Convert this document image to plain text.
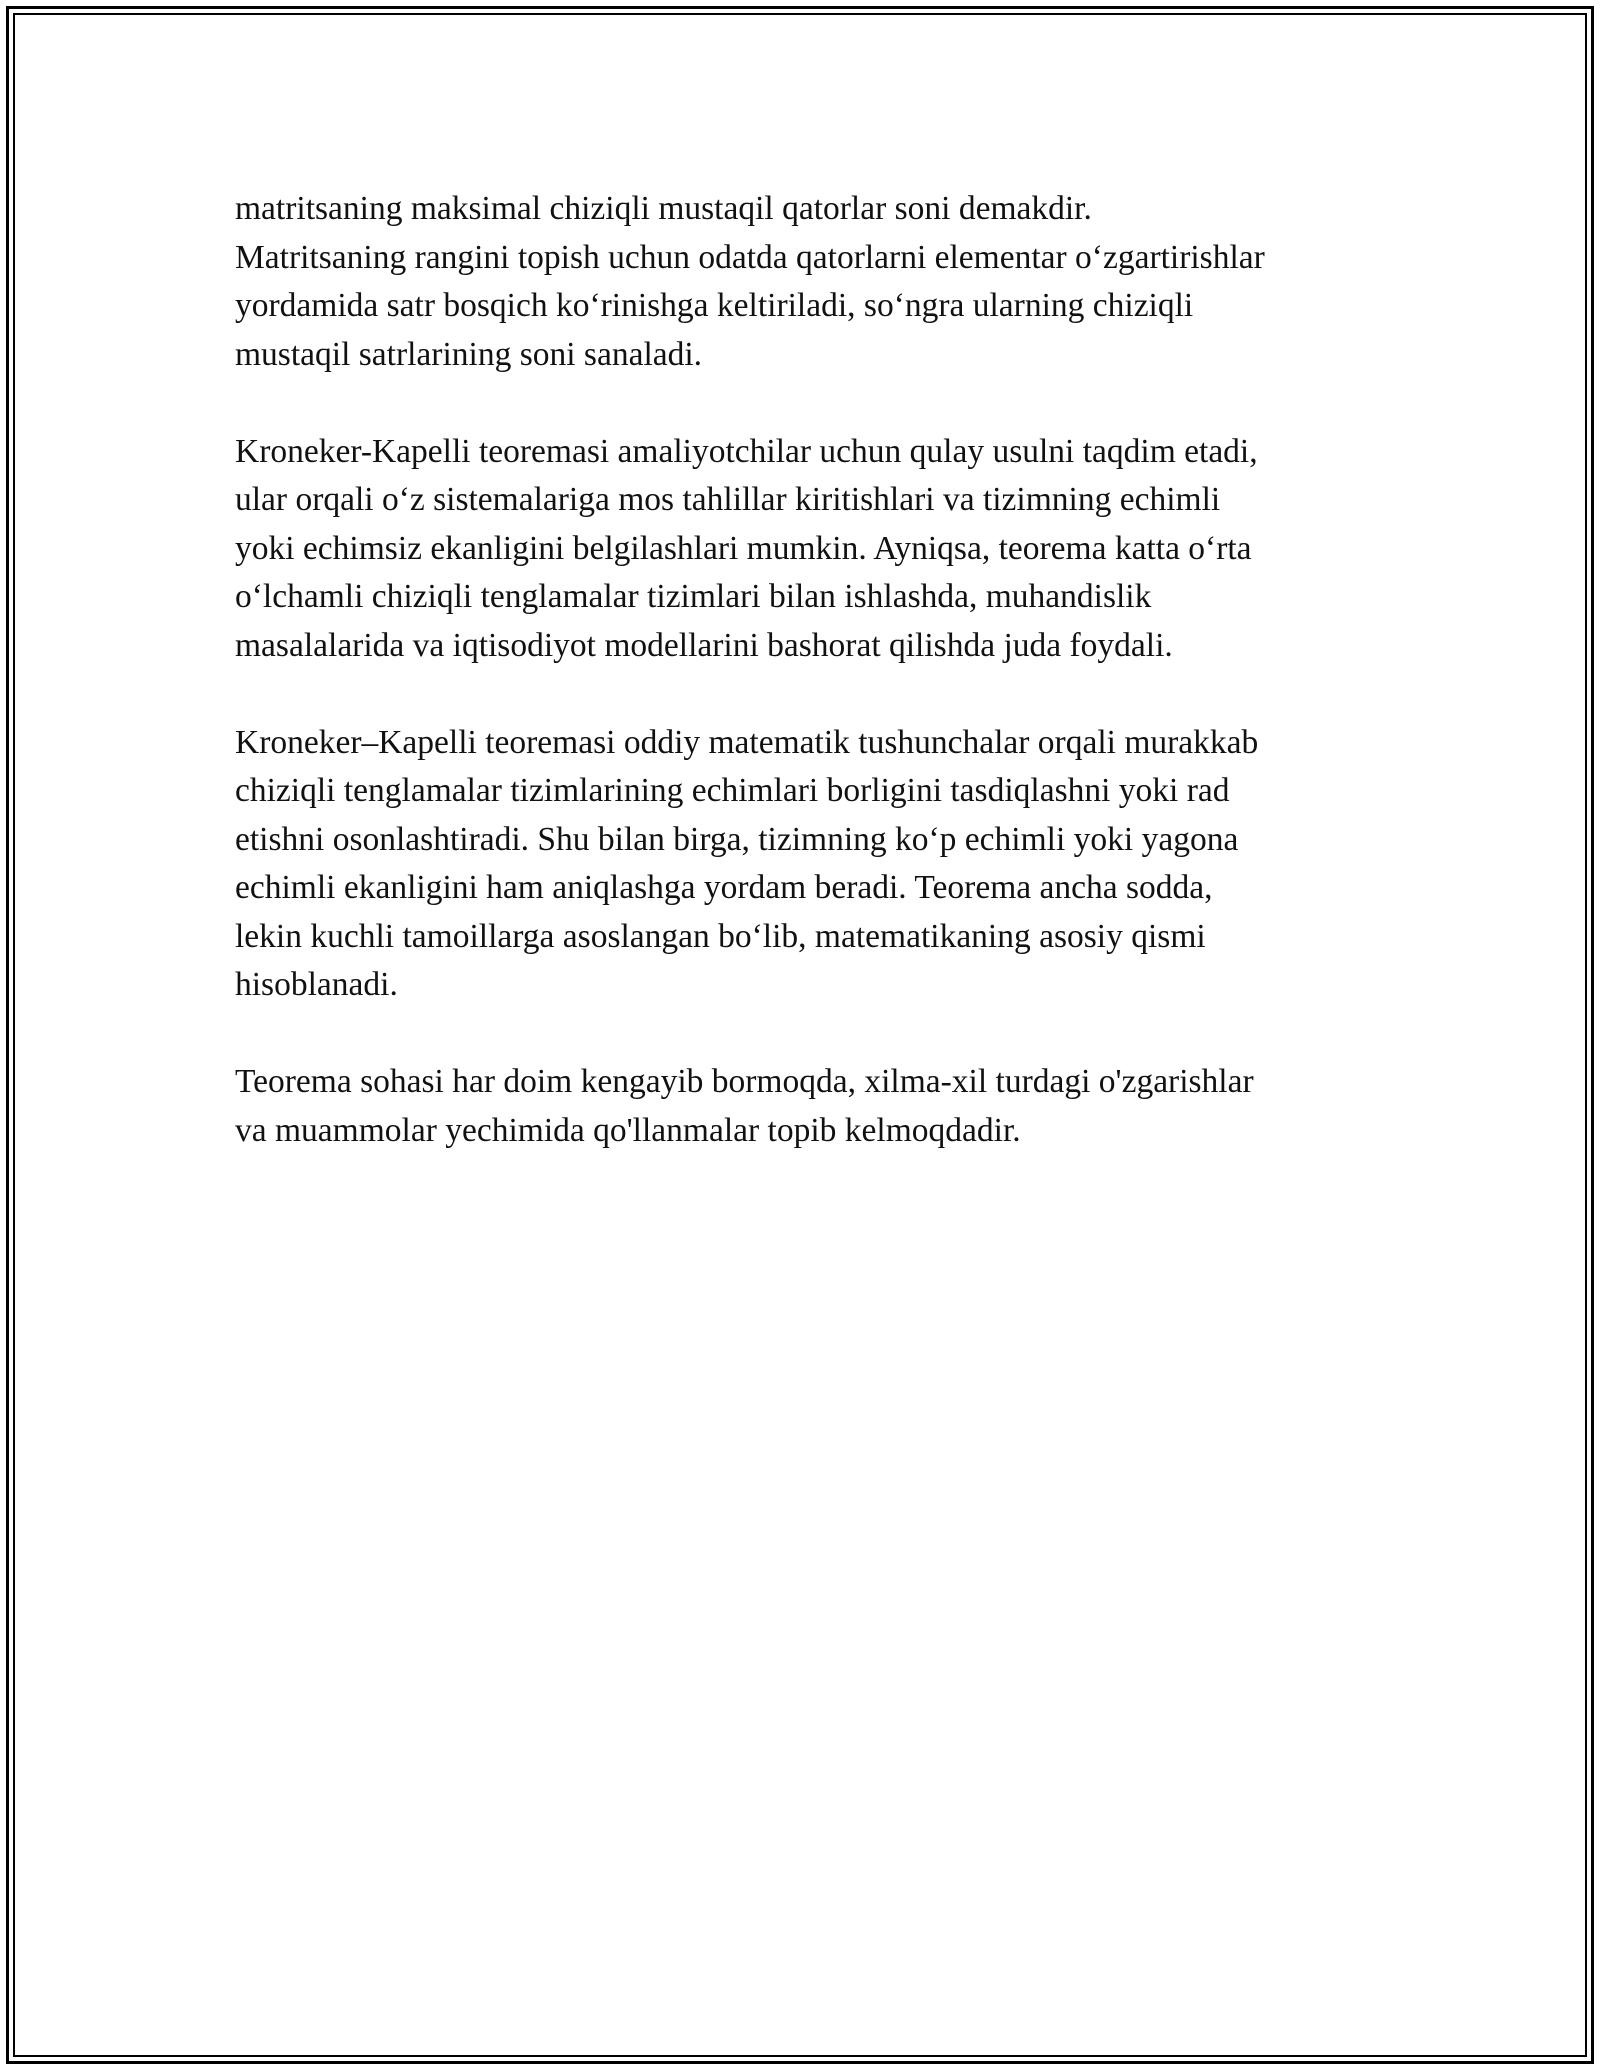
matritsaning maksimal chiziqli mustaqil qatorlar soni demakdir.
Matritsaning rangini topish uchun odatda qatorlarni elementar oʻzgartirishlar
yordamida satr bosqich koʻrinishga keltiriladi, soʻngra ularning chiziqli
mustaqil satrlarining soni sanaladi.

Kroneker-Kapelli teoremasi amaliyotchilar uchun qulay usulni taqdim etadi,
ular orqali oʻz sistemalariga mos tahlillar kiritishlari va tizimning echimli
yoki echimsiz ekanligini belgilashlari mumkin. Ayniqsa, teorema katta oʻrta
oʻlchamli chiziqli tenglamalar tizimlari bilan ishlashda, muhandislik
masalalarida va iqtisodiyot modellarini bashorat qilishda juda foydali.

Kroneker–Kapelli teoremasi oddiy matematik tushunchalar orqali murakkab
chiziqli tenglamalar tizimlarining echimlari borligini tasdiqlashni yoki rad
etishni osonlashtiradi. Shu bilan birga, tizimning koʻp echimli yoki yagona
echimli ekanligini ham aniqlashga yordam beradi. Teorema ancha sodda,
lekin kuchli tamoillarga asoslangan boʻlib, matematikaning asosiy qismi
hisoblanadi.

Teorema sohasi har doim kengayib bormoqda, xilma-xil turdagi o'zgarishlar
va muammolar yechimida qo'llanmalar topib kelmoqdadir.
